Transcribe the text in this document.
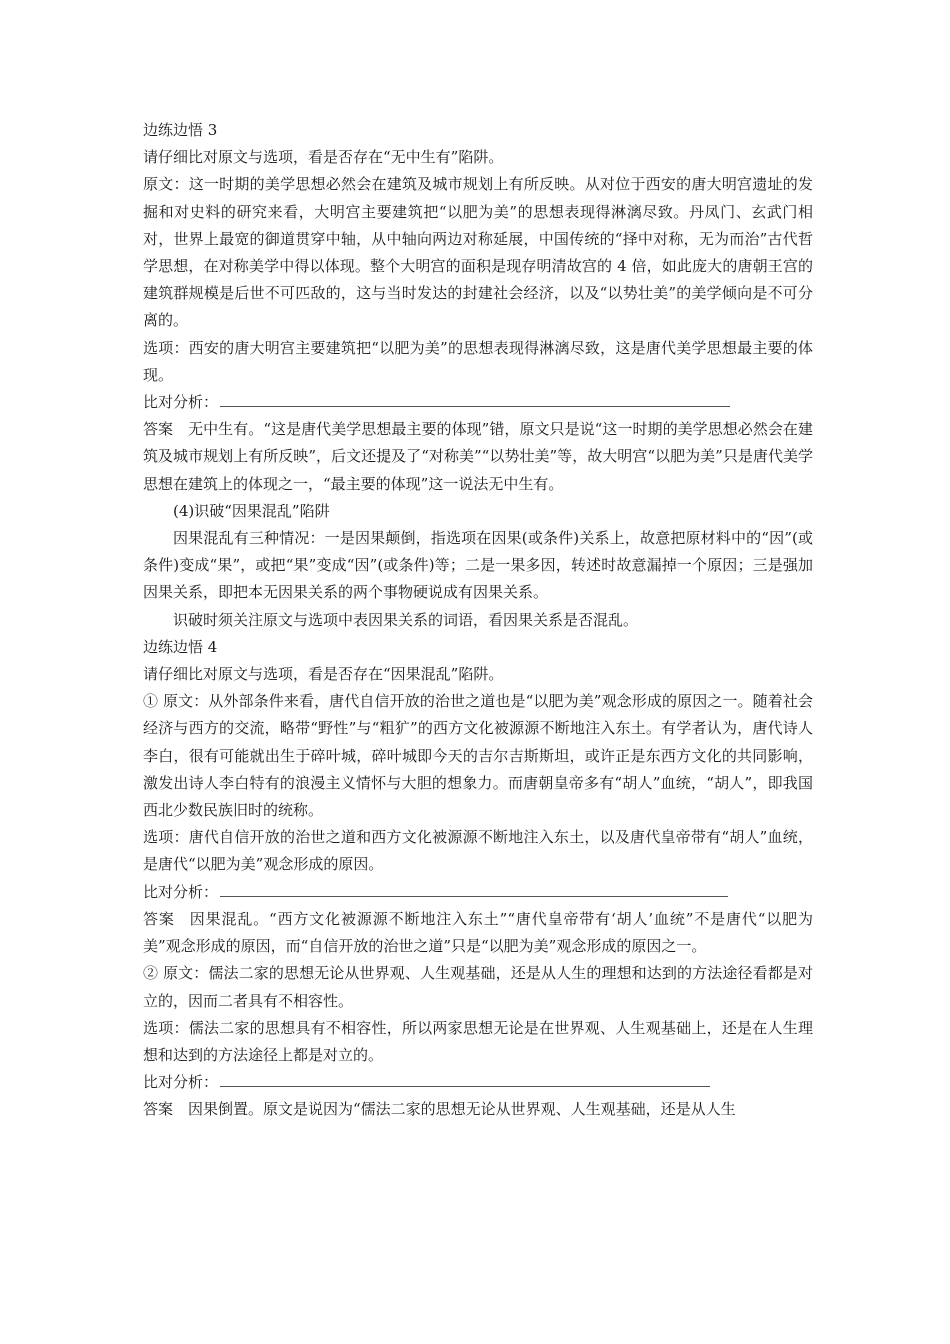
边练边悟 3

请仔细比对原文与选项，看是否存在“无中生有”陷阱。

原文：这一时期的美学思想必然会在建筑及城市规划上有所反映。从对位于西安的唐大明宫遗址的发掘和对史料的研究来看，大明宫主要建筑把“以肥为美”的思想表现得淋漓尽致。丹凤门、玄武门相对，世界上最宽的御道贯穿中轴，从中轴向两边对称延展，中国传统的“择中对称，无为而治”古代哲学思想，在对称美学中得以体现。整个大明宫的面积是现存明清故宫的 4 倍，如此庞大的唐朝王宫的建筑群规模是后世不可匹敌的，这与当时发达的封建社会经济，以及“以势壮美”的美学倾向是不可分离的。

选项：西安的唐大明宫主要建筑把“以肥为美”的思想表现得淋漓尽致，这是唐代美学思想最主要的体现。

比对分析：

答案 无中生有。“这是唐代美学思想最主要的体现”错，原文只是说“这一时期的美学思想必然会在建筑及城市规划上有所反映”，后文还提及了“对称美”“以势壮美”等，故大明宫“以肥为美”只是唐代美学思想在建筑上的体现之一，“最主要的体现”这一说法无中生有。

(4)识破“因果混乱”陷阱

因果混乱有三种情况：一是因果颠倒，指选项在因果(或条件)关系上，故意把原材料中的“因”(或条件)变成“果”，或把“果”变成“因”(或条件)等；二是一果多因，转述时故意漏掉一个原因；三是强加因果关系，即把本无因果关系的两个事物硬说成有因果关系。

识破时须关注原文与选项中表因果关系的词语，看因果关系是否混乱。

边练边悟 4

请仔细比对原文与选项，看是否存在“因果混乱”陷阱。

① 原文：从外部条件来看，唐代自信开放的治世之道也是“以肥为美”观念形成的原因之一。随着社会经济与西方的交流，略带“野性”与“粗犷”的西方文化被源源不断地注入东土。有学者认为，唐代诗人李白，很有可能就出生于碎叶城，碎叶城即今天的吉尔吉斯斯坦，或许正是东西方文化的共同影响，激发出诗人李白特有的浪漫主义情怀与大胆的想象力。而唐朝皇帝多有“胡人”血统，“胡人”，即我国西北少数民族旧时的统称。

选项：唐代自信开放的治世之道和西方文化被源源不断地注入东土，以及唐代皇帝带有“胡人”血统，是唐代“以肥为美”观念形成的原因。

比对分析：

答案 因果混乱。“西方文化被源源不断地注入东土”“唐代皇帝带有‘胡人’血统”不是唐代“以肥为美”观念形成的原因，而“自信开放的治世之道”只是“以肥为美”观念形成的原因之一。

② 原文：儒法二家的思想无论从世界观、人生观基础，还是从人生的理想和达到的方法途径看都是对立的，因而二者具有不相容性。

选项：儒法二家的思想具有不相容性，所以两家思想无论是在世界观、人生观基础上，还是在人生理想和达到的方法途径上都是对立的。

比对分析：

答案 因果倒置。原文是说因为“儒法二家的思想无论从世界观、人生观基础，还是从人生
